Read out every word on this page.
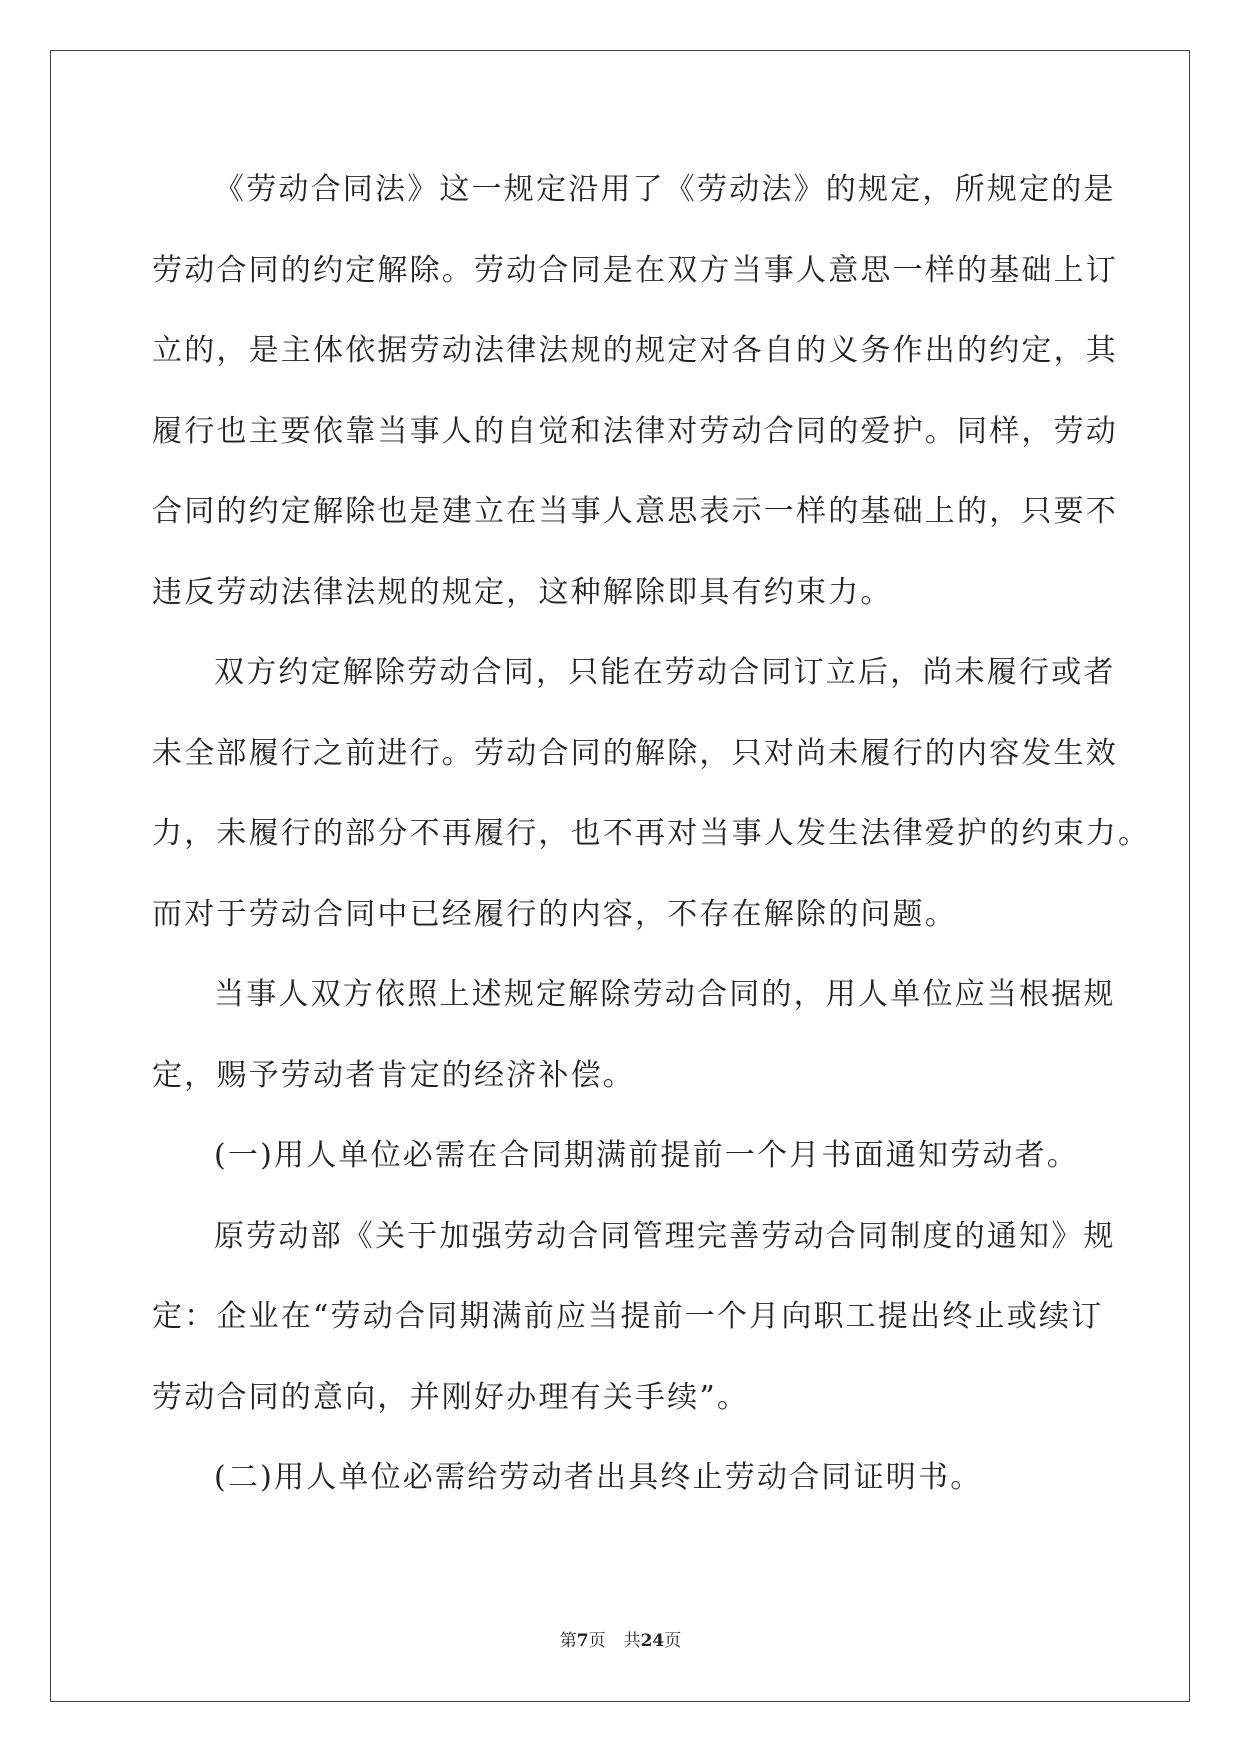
《劳动合同法》这一规定沿用了《劳动法》的规定，所规定的是
劳动合同的约定解除。劳动合同是在双方当事人意思一样的基础上订
立的，是主体依据劳动法律法规的规定对各自的义务作出的约定，其
履行也主要依靠当事人的自觉和法律对劳动合同的爱护。同样，劳动
合同的约定解除也是建立在当事人意思表示一样的基础上的，只要不
违反劳动法律法规的规定，这种解除即具有约束力。
双方约定解除劳动合同，只能在劳动合同订立后，尚未履行或者
未全部履行之前进行。劳动合同的解除，只对尚未履行的内容发生效
力，未履行的部分不再履行，也不再对当事人发生法律爱护的约束力。
而对于劳动合同中已经履行的内容，不存在解除的问题。
当事人双方依照上述规定解除劳动合同的，用人单位应当根据规
定，赐予劳动者肯定的经济补偿。
(一)用人单位必需在合同期满前提前一个月书面通知劳动者。
原劳动部《关于加强劳动合同管理完善劳动合同制度的通知》规
定：企业在“劳动合同期满前应当提前一个月向职工提出终止或续订
劳动合同的意向，并刚好办理有关手续”。
(二)用人单位必需给劳动者出具终止劳动合同证明书。
第7页 共24页
